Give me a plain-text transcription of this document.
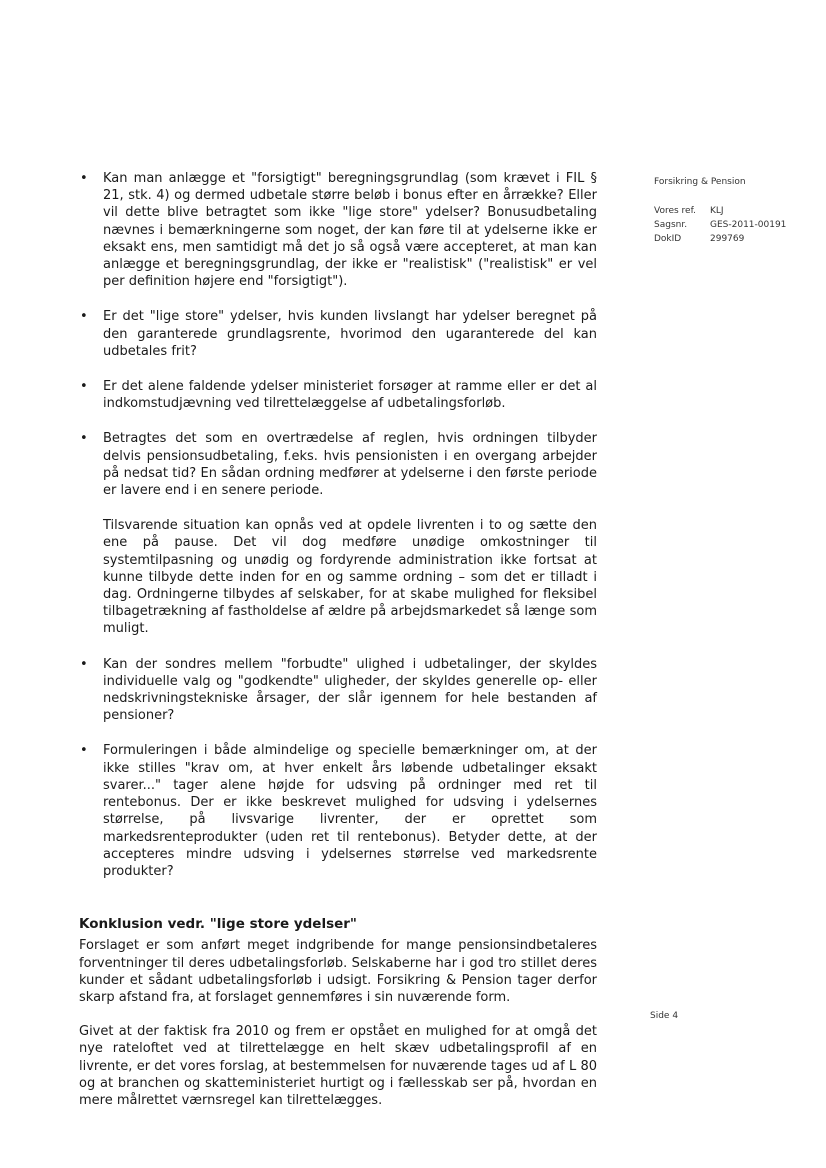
Forsikring & Pension
Vores ref.	KLJ
Sagsnr.	GES-2011-00191
DokID	299769
Side 4
• Kan man anlægge et "forsigtigt" beregningsgrundlag (som krævet i FIL § 21, stk. 4) og dermed udbetale større beløb i bonus efter en årrække? Eller vil dette blive betragtet som ikke "lige store" ydelser? Bonusudbetaling nævnes i bemærkningerne som noget, der kan føre til at ydelserne ikke er eksakt ens, men samtidigt må det jo så også være accepteret, at man kan anlægge et beregningsgrundlag, der ikke er "realistisk" ("realistisk" er vel per definition højere end "forsigtigt").
• Er det "lige store" ydelser, hvis kunden livslangt har ydelser beregnet på den garanterede grundlagsrente, hvorimod den ugaranterede del kan udbetales frit?
• Er det alene faldende ydelser ministeriet forsøger at ramme eller er det al indkomstudjævning ved tilrettelæggelse af udbetalingsforløb.
• Betragtes det som en overtrædelse af reglen, hvis ordningen tilbyder delvis pensionsudbetaling, f.eks. hvis pensionisten i en overgang arbejder på nedsat tid? En sådan ordning medfører at ydelserne i den første periode er lavere end i en senere periode.

Tilsvarende situation kan opnås ved at opdele livrenten i to og sætte den ene på pause. Det vil dog medføre unødige omkostninger til systemtilpasning og unødig og fordyrende administration ikke fortsat at kunne tilbyde dette inden for en og samme ordning – som det er tilladt i dag. Ordningerne tilbydes af selskaber, for at skabe mulighed for fleksibel tilbagetrækning af fastholdelse af ældre på arbejdsmarkedet så længe som muligt.

• Kan der sondres mellem "forbudte" ulighed i udbetalinger, der skyldes individuelle valg og "godkendte" uligheder, der skyldes generelle op- eller nedskrivningstekniske årsager, der slår igennem for hele bestanden af pensioner?
• Formuleringen i både almindelige og specielle bemærkninger om, at der ikke stilles "krav om, at hver enkelt års løbende udbetalinger eksakt svarer..." tager alene højde for udsving på ordninger med ret til rentebonus. Der er ikke beskrevet mulighed for udsving i ydelsernes størrelse, på livsvarige livrenter, der er oprettet som markedsrenteprodukter (uden ret til rentebonus). Betyder dette, at der accepteres mindre udsving i ydelsernes størrelse ved markedsrente produkter?
Konklusion vedr. "lige store ydelser"

Forslaget er som anført meget indgribende for mange pensionsindbetaleres forventninger til deres udbetalingsforløb. Selskaberne har i god tro stillet deres kunder et sådant udbetalingsforløb i udsigt. Forsikring & Pension tager derfor skarp afstand fra, at forslaget gennemføres i sin nuværende form.

Givet at der faktisk fra 2010 og frem er opstået en mulighed for at omgå det nye rateloftet ved at tilrettelægge en helt skæv udbetalingsprofil af en livrente, er det vores forslag, at bestemmelsen for nuværende tages ud af L 80 og at branchen og skatteministeriet hurtigt og i fællesskab ser på, hvordan en mere målrettet værnsregel kan tilrettelægges.
